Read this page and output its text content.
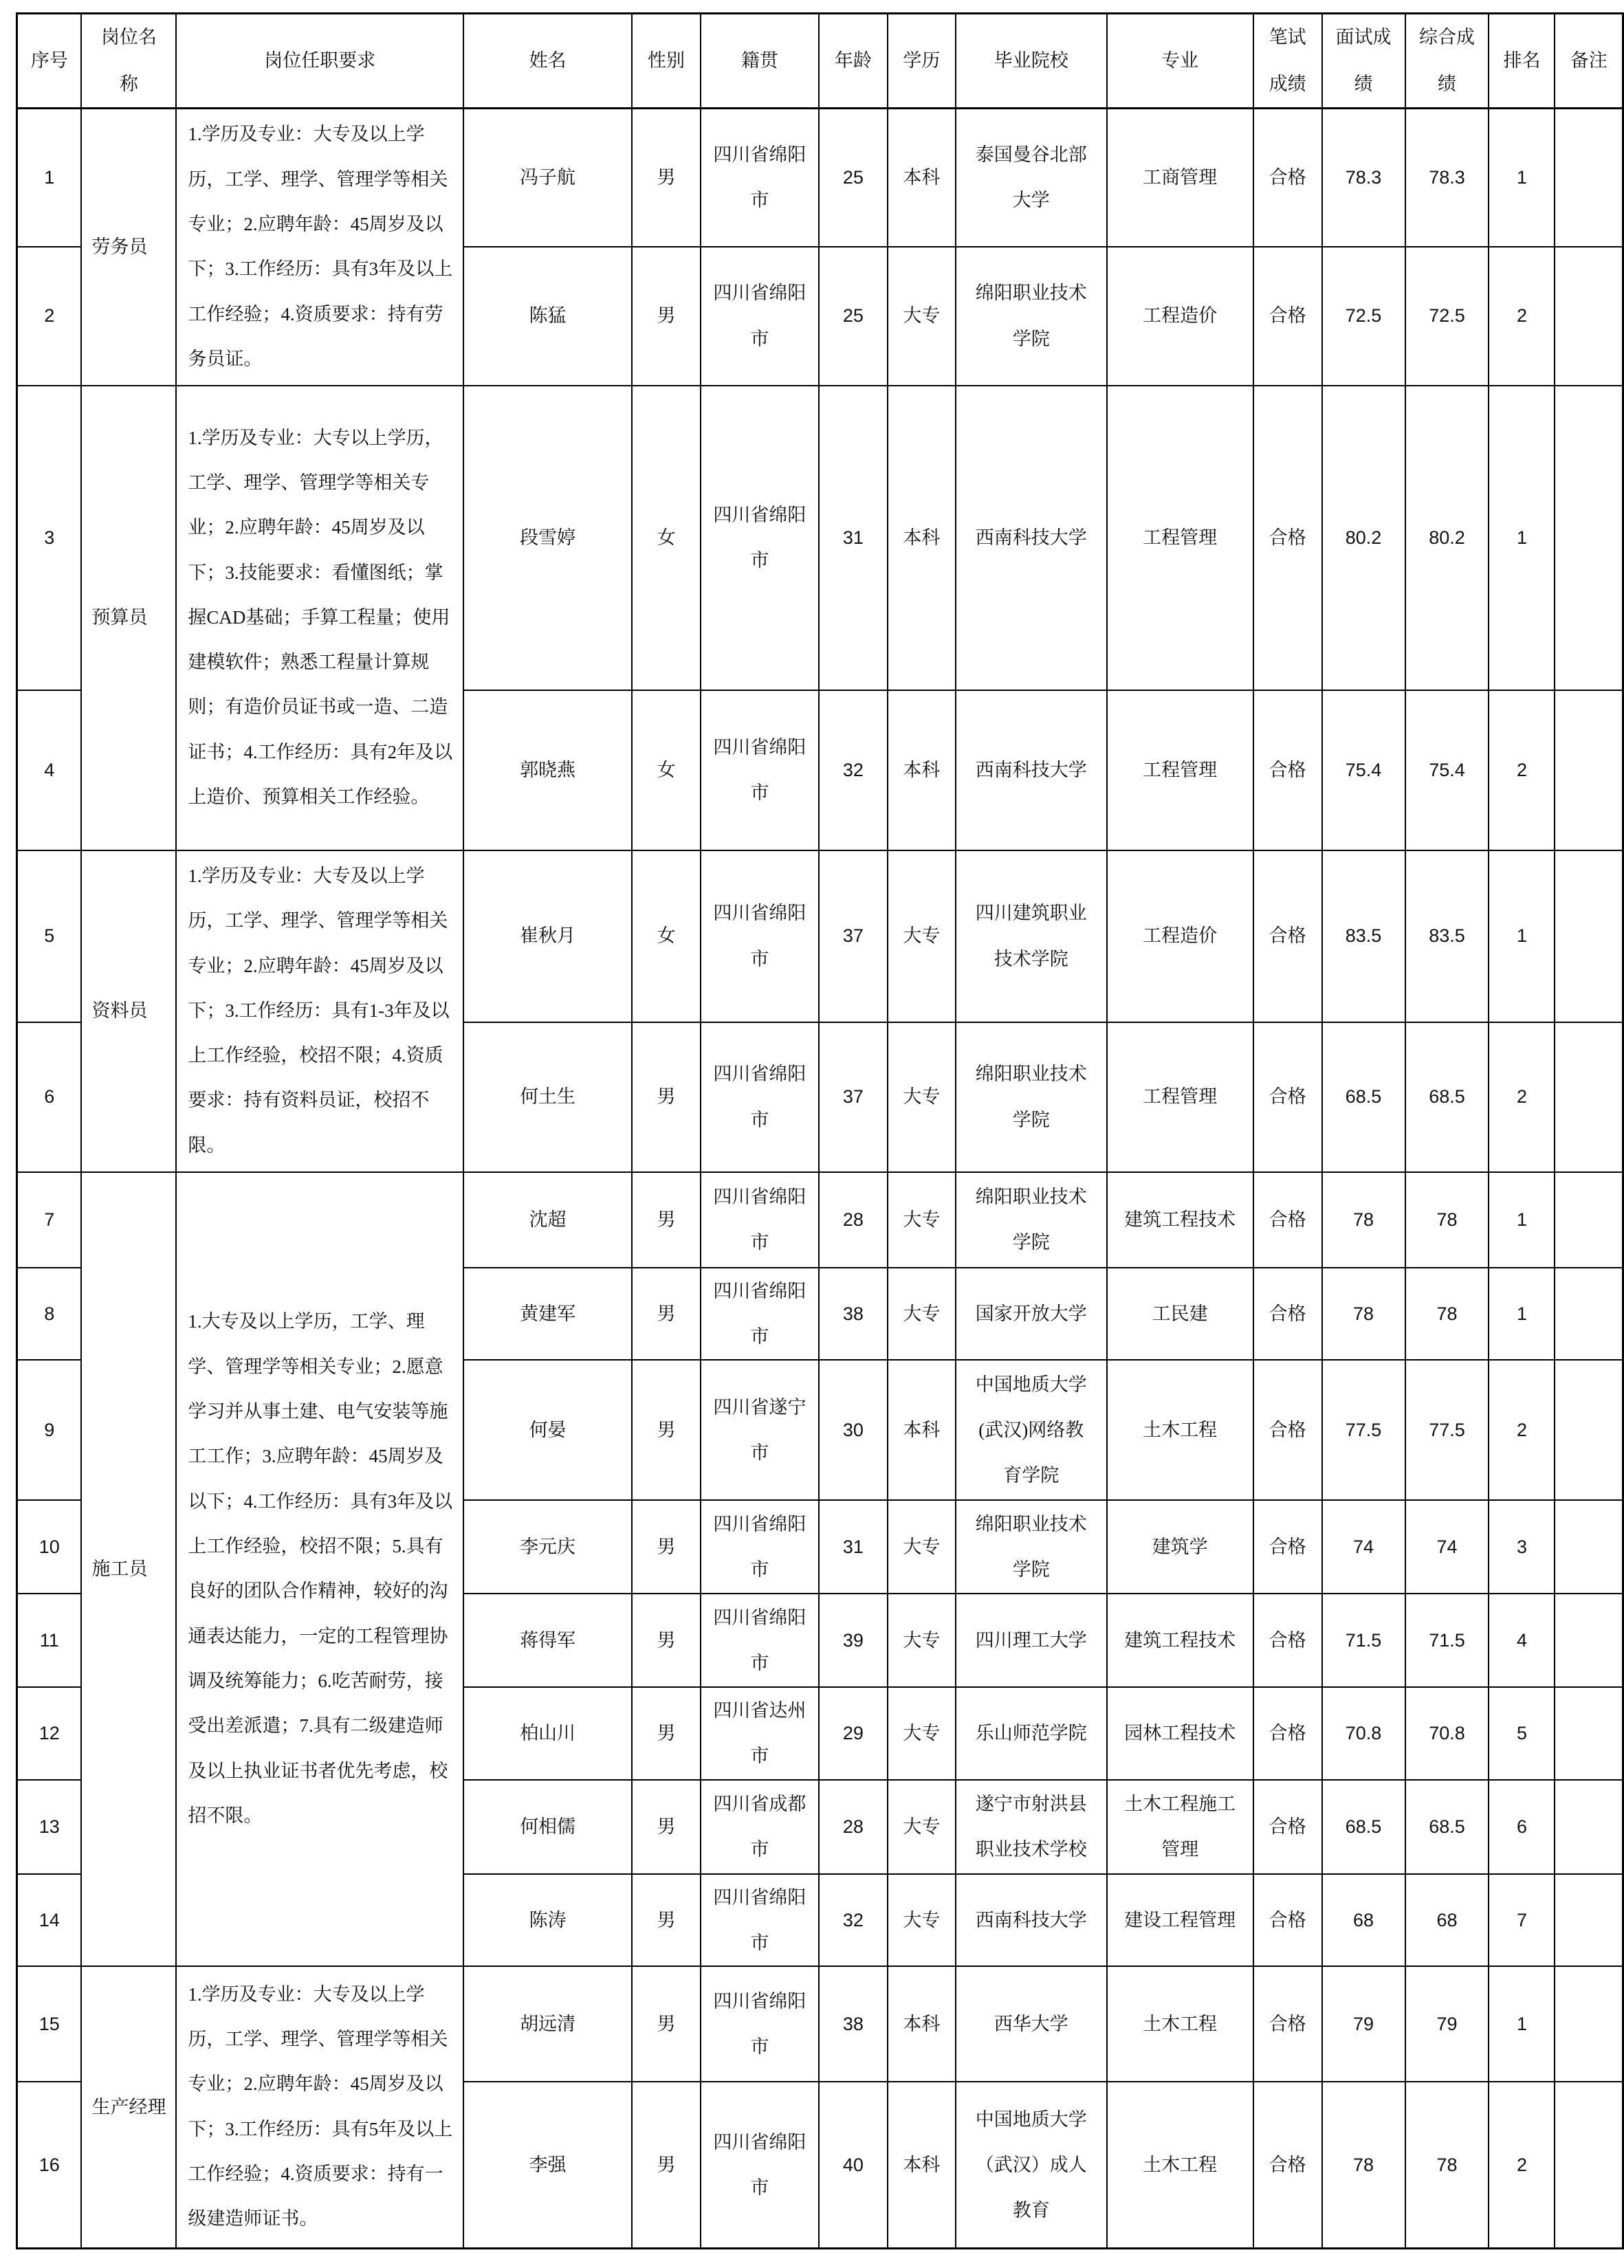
序号	岗位名称	岗位任职要求	姓名	性别	籍贯	年龄	学历	毕业院校	专业	笔试成绩	面试成绩	综合成绩	排名	备注
1	劳务员	1.学历及专业：大专及以上学历，工学、理学、管理学等相关专业；2.应聘年龄：45周岁及以下；3.工作经历：具有3年及以上工作经验；4.资质要求：持有劳务员证。	冯子航	男	四川省绵阳市	25	本科	泰国曼谷北部大学	工商管理	合格	78.3	78.3	1	
2			陈猛	男	四川省绵阳市	25	大专	绵阳职业技术学院	工程造价	合格	72.5	72.5	2	
3	预算员	1.学历及专业：大专以上学历，工学、理学、管理学等相关专业；2.应聘年龄：45周岁及以下；3.技能要求：看懂图纸；掌握CAD基础；手算工程量；使用建模软件；熟悉工程量计算规则；有造价员证书或一造、二造证书；4.工作经历：具有2年及以上造价、预算相关工作经验。	段雪婷	女	四川省绵阳市	31	本科	西南科技大学	工程管理	合格	80.2	80.2	1	
4			郭晓燕	女	四川省绵阳市	32	本科	西南科技大学	工程管理	合格	75.4	75.4	2	
5	资料员	1.学历及专业：大专及以上学历，工学、理学、管理学等相关专业；2.应聘年龄：45周岁及以下；3.工作经历：具有1-3年及以上工作经验，校招不限；4.资质要求：持有资料员证，校招不限。	崔秋月	女	四川省绵阳市	37	大专	四川建筑职业技术学院	工程造价	合格	83.5	83.5	1	
6			何土生	男	四川省绵阳市	37	大专	绵阳职业技术学院	工程管理	合格	68.5	68.5	2	
7	施工员	1.大专及以上学历，工学、理学、管理学等相关专业；2.愿意学习并从事土建、电气安装等施工工作；3.应聘年龄：45周岁及以下；4.工作经历：具有3年及以上工作经验，校招不限；5.具有良好的团队合作精神，较好的沟通表达能力，一定的工程管理协调及统筹能力；6.吃苦耐劳，接受出差派遣；7.具有二级建造师及以上执业证书者优先考虑，校招不限。	沈超	男	四川省绵阳市	28	大专	绵阳职业技术学院	建筑工程技术	合格	78	78	1	
8			黄建军	男	四川省绵阳市	38	大专	国家开放大学	工民建	合格	78	78	1	
9			何晏	男	四川省遂宁市	30	本科	中国地质大学(武汉)网络教育学院	土木工程	合格	77.5	77.5	2	
10			李元庆	男	四川省绵阳市	31	大专	绵阳职业技术学院	建筑学	合格	74	74	3	
11			蒋得军	男	四川省绵阳市	39	大专	四川理工大学	建筑工程技术	合格	71.5	71.5	4	
12			柏山川	男	四川省达州市	29	大专	乐山师范学院	园林工程技术	合格	70.8	70.8	5	
13			何相儒	男	四川省成都市	28	大专	遂宁市射洪县职业技术学校	土木工程施工管理	合格	68.5	68.5	6	
14			陈涛	男	四川省绵阳市	32	大专	西南科技大学	建设工程管理	合格	68	68	7	
15	生产经理	1.学历及专业：大专及以上学历，工学、理学、管理学等相关专业；2.应聘年龄：45周岁及以下；3.工作经历：具有5年及以上工作经验；4.资质要求：持有一级建造师证书。	胡远清	男	四川省绵阳市	38	本科	西华大学	土木工程	合格	79	79	1	
16			李强	男	四川省绵阳市	40	本科	中国地质大学（武汉）成人教育	土木工程	合格	78	78	2	
